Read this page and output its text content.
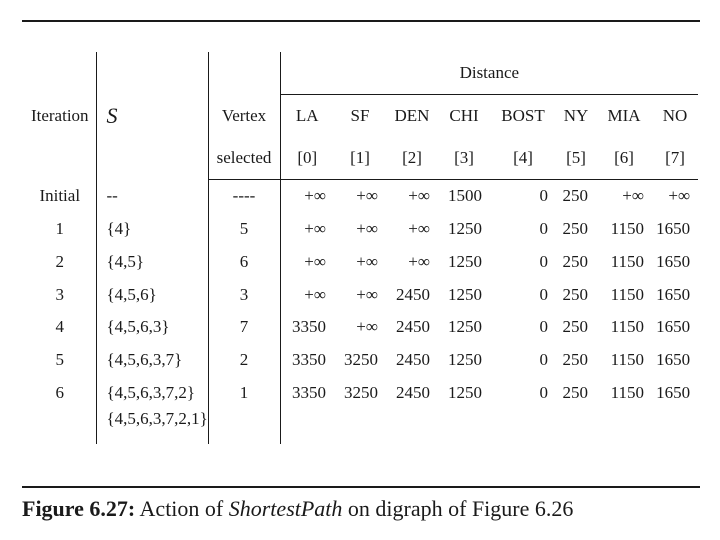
Iteration	S		Distance							
		Vertex	LA	SF	DEN	CHI	BOST	NY	MIA	NO
		selected	[0]	[1]	[2]	[3]	[4]	[5]	[6]	[7]
Initial	--	----	+∞	+∞	+∞	1500	0	250	+∞	+∞
1	{4}	5	+∞	+∞	+∞	1250	0	250	1150	1650
2	{4,5}	6	+∞	+∞	+∞	1250	0	250	1150	1650
3	{4,5,6}	3	+∞	+∞	2450	1250	0	250	1150	1650
4	{4,5,6,3}	7	3350	+∞	2450	1250	0	250	1150	1650
5	{4,5,6,3,7}	2	3350	3250	2450	1250	0	250	1150	1650
6	{4,5,6,3,7,2}	1	3350	3250	2450	1250	0	250	1150	1650
	{4,5,6,3,7,2,1}									
Figure 6.27: Action of ShortestPath on digraph of Figure 6.26
